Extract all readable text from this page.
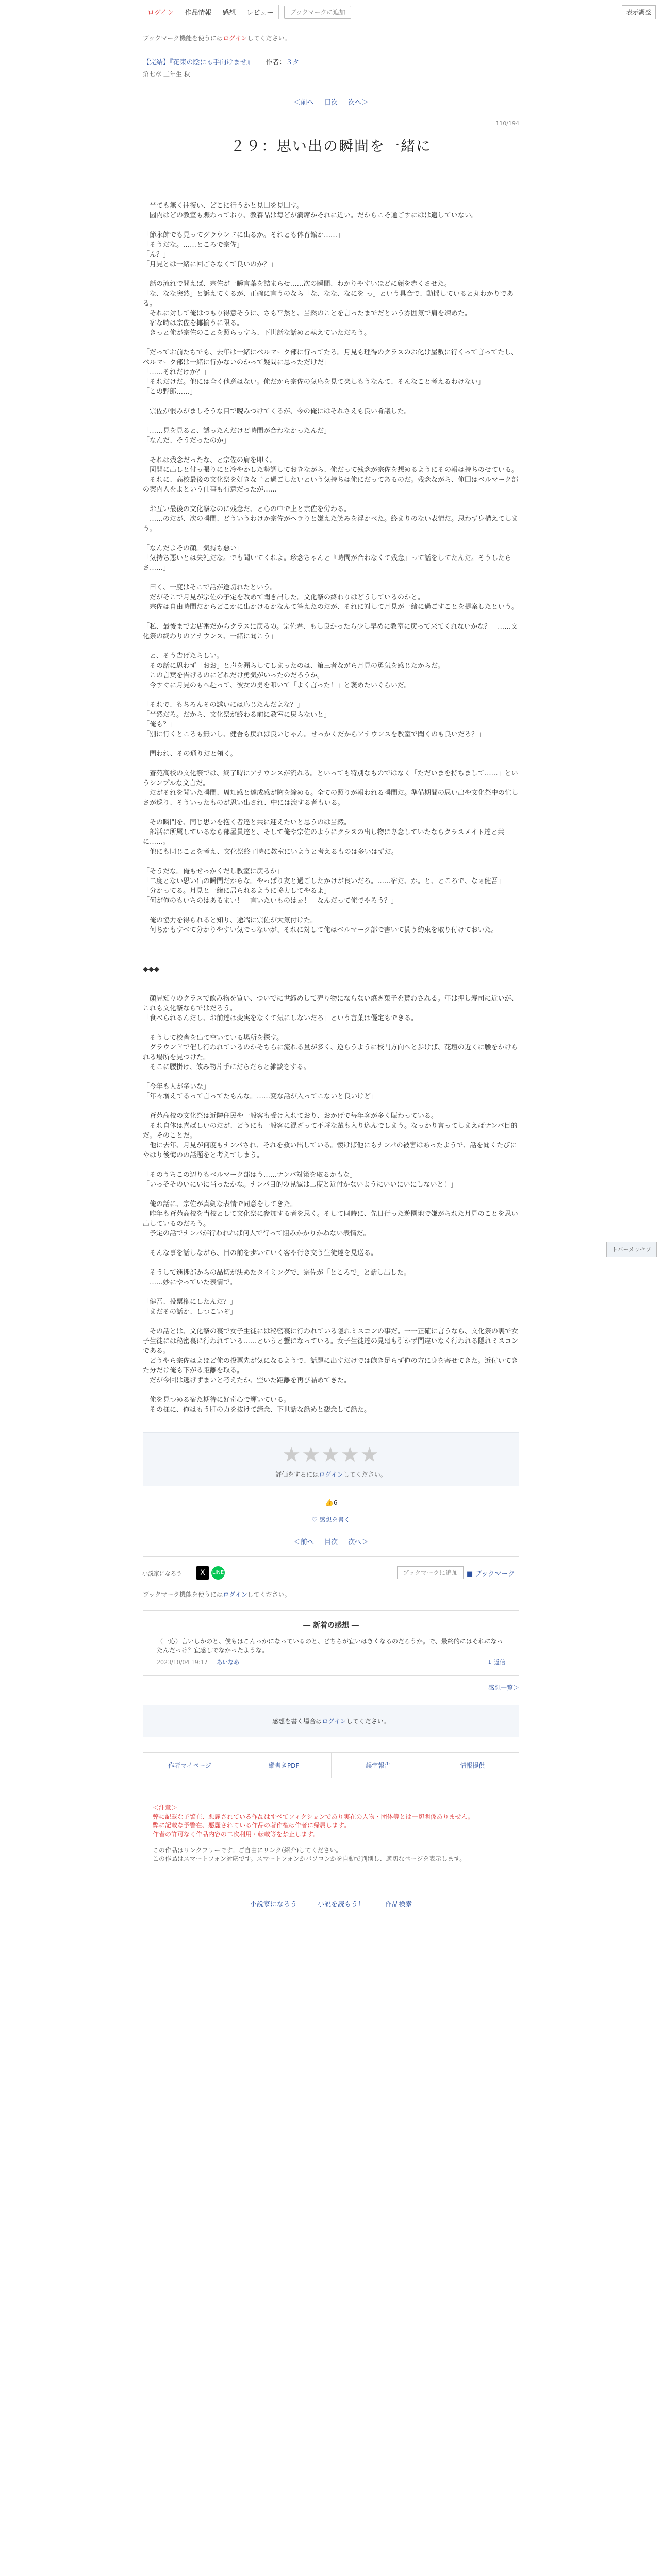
ログイン	作品情報	感想	レビュー	ブックマークに追加	表示調整
ブックマーク機能を使うにはログインしてください。
【完結】『花束の陰にぁ手向けませ』 作者：３タ
第七章 三年生 秋
＜前へ 目次 次へ＞
110/194
２９：思い出の瞬間を一緒に

　当ても無く往復い、どこに行うかと見回を見回す。

　園内はどの教室も賑わっており、教養品は毎どが満席かそれに近い。だからこそ通ごすにはは適していない。

「節永飾でも見ってグラウンドに出るか。それとも体育館か……」

「そうだな。……ところで宗佐」

「ん？」

「月見とは一緒に回ごさなくて良いのか？」

　話の流れで問えば、宗佐が一瞬言葉を詰まらせ……次の瞬間、わかりやすいほどに顔を赤くさせた。

「な、なな突然」と訴えてくるが、正確に言うのなら「な、なな、なにを っ」という具合で、動揺していると丸わかりである。

　それに対して俺はつもり得意そうに、さも平然と、当然のことを言ったまでだという雰囲気で肩を竦めた。

　宿な時は宗佐を揶揄うに限る。

　きっと俺が宗佐のことを照らっすら、下世話な話めと執えていただろう。

「だってお前たちでも、去年は一緒にベルマーク部に行ってたろ。月見も理得のクラスのお化け屋敷に行くって言ってたし、ベルマーク部は一緒に行かないのかって疑問に思っただけだ」

「……それだけか？」

「それだけだ。他には全く他意はない。俺だから宗佐の気応を見て楽しもうなんて、そんなこと考えるわけない」

「この野郎……」

　宗佐が恨みがましそうな目で睨みつけてくるが、今の俺にはそれさえも良い肴議した。

「……見を見ると、誘ったんだけど時間が合わなかったんだ」

「なんだ、そうだったのか」

　それは残念だったな、と宗佐の肩を叩く。

　図開に出しと付っ張りにと冷やかした勢調しておきながら、俺だって残念が宗佐を想めるようにその報は持ちのせている。

　それに、高校最後の文化祭を好きな子と過ごしたいという気持ちは俺にだってあるのだ。残念ながら、俺回はベルマーク部の案内人をよという仕事も有意だったが……

　お互い最後の文化祭なのに残念だ、と心の中で上と宗佐を労わる。

　……のだが、次の瞬間、どういうわけか宗佐がへラりと嫌えた笑みを浮かべた。終まりのない表情だ。思わず身構えてしまう。

「なんだよその顔。気持ち悪い」

「気持ち悪いとは失礼だな。でも聞いてくれよ。珍念ちゃんと『時間が合わなくて残念』って話をしてたんだ。そうしたらさ……」

　曰く、一度はそこで話が途切れたという。

　だがそこで月見が宗佐の予定を改めて聞き出した。文化祭の終わりはどうしているのかと。

　宗佐は自由時間だからどこかに出かけるかなんて答えたのだが、それに対して月見が一緒に過ごすことを提案したという。

「私、最後までお店番だからクラスに戻るの。宗佐君、もし良かったら少し早めに教室に戻って来てくれないかな？　……文化祭の終わりのアナウンス、一緒に聞こう」

　と、そう告げたらしい。

　その話に思わず「おお」と声を漏らしてしまったのは、第三者ながら月見の勇気を感じたからだ。

　この言葉を告げるのにどれだけ勇気がいったのだろうか。

　今すぐに月見のもへ赴って、彼女の勇を叩いて「よく言った！」と褒めたいぐらいだ。

「それで、もちろんその誘いには応じたんだよな？」

「当然だろ。だから、文化祭が終わる前に教室に戻らないと」

「俺も？」

「別に行くところも無いし、健吾も戻れば良いじゃん。せっかくだからアナウンスを教室で聞くのも良いだろ？」

　問われ、その通りだと領く。

　蒼苑高校の文化祭では、終了時にアナウンスが流れる。といっても特別なものではなく「ただいまを持ちまして……」というシンプルな文言だ。

　だがそれを聞いた瞬間、周知感と達成感が胸を締める。全ての照りが報われる瞬間だ。準備期間の思い出や文化祭中の忙しさが巡り、そういったものが思い出され、中には涙する者もいる。

　その瞬間を、同じ思いを抱く者達と共に迎えたいと思うのは当然。

　部活に所属しているなら部屋員達と、そして俺や宗佐のようにクラスの出し物に専念していたならクラスメイト達と共に……。

　他にも同じことを考え、文化祭終了時に教室にいようと考えるものは多いはずだ。

「そうだな。俺もせっかくだし教室に戻るか」

「二度とない思い出の瞬間だからな。やっぱり友と過ごしたかけが良いだろ。……宿だ、か。と、ところで、なぁ健吾」

「分かってる。月見と一緒に居られるように協力してやるよ」

「何が俺のもいちのはあるまい！　言いたいものはぉ！　なんだって俺でやろう？」

　俺の協力を得られると知り、途端に宗佐が大気付けた。

　何ちかもすべて分かりやすい気でっないが、それに対して俺はベルマーク部で書いて貰う約束を取り付けておいた。

◆◆◆

　顔見知りのクラスで飲み物を買い、ついでに世締めして売り物にならない焼き菓子を貰わされる。年は押し寿司に近いが、これも文化祭ならではだろう。

「食べられるんだし、お前達は変実をなくて気にしないだろ」という言葉は優定もできる。

　そうして校舎を出て空いている場所を探す。

　グラウンドで催し行われているのかそちらに流れる量が多く、逆らうように校門方向へと歩けば、花壇の近くに腰をかけられる場所を見つけた。

　そこに腰掛け、飲み物片手にだらだらと雑談をする。

「今年も人が多いな」

「年々増えてるって言ってたもんな。……変な話が入ってこないと良いけど」

　蒼苑高校の文化祭は近隣住民や一般客も受け入れており、おかげで毎年客が多く賑わっている。

　それ自体は喜ばしいのだが、どうにも一般客に混ざって不埒な輩も入り込んでしまう。なっかり言ってしまえばナンパ目的だ。そのことだ。

　他に去年、月見が何度もナンパされ、それを救い出している。懐けば他にもナンパの被害はあったようで、話を聞くたびにやはり後悔のの話題をと考えてしまう。

「そのうちこの辺りもベルマーク部はう……ナンパ対策を取るかもな」

「いっそそのいにいに当ったかな。ナンパ目的の見滅は二度と近付かないようにいいにいにしないと！」

　俺の話に、宗佐が真剣な表情で同意をしてきた。

　昨年も蒼苑高校を当校として文化祭に参加する者を思く。そして同時に、先日行った遊園地で嫌がられた月見のことを思い出しているのだろう。

　予定の話でナンパが行われれば何人で行って阻みかかりかねない表情だ。

　そんな事を話しながら、目の前を歩いていく客や行き交う生徒達を見送る。

　そうして進捗部からの品切が決めたタイミングで、宗佐が「ところで」と話し出した。

　……妙にやっていた表情で。

「健吾、投票権にしたんだ？」

「まだその話か、しつこいぞ」

　その話とは、文化祭の裏で女子生徒には秘密裏に行われている隠れミスコンの事だ。一一正確に言うなら、文化祭の裏で女子生徒には秘密裏に行われている……というと蟹になっている。女子生徒達の見廻も引かず間違いなく行われる隠れミスコンである。

　どうやら宗佐はよほど俺の投票先が気になるようで、話題に出すだけでは飽き足らず俺の方に身を寄せてきた。近付いてきた分だけ俺も下がる距離を取る。

　だが今回は逃げずまいと考えたか、空いた距離を再び詰めてきた。

　俺を見つめる宿た期待に好奇心で輝いている。

　その様に、俺はもう肝の力を抜けて諦念、下世話な話めと観念して話た。

★★★★★
評価をするにはログインしてください。
👍6
♡ 感想を書く
＜前へ 目次 次へ＞
小説家になろう	X	LINE	ブックマークに追加	■ ブックマーク
ブックマーク機能を使うにはログインしてください。
― 新着の感想 ―
（一応）言いしかのと、僕もはこんっかになっているのと、どちらが宜いはきくなるのだろうか。で、最終的にはそれになったんだっけ？宜感しでなかったような。
2023/10/04 19:17 あいなめ	↓ 返信
感想一覧＞
感想を書く場合はログインしてください。
作者マイページ	縦書きPDF	誤字報告	情報提供
＜注意＞
弊に記載な予警在、悪麗されている作品はすべてフィクションであり実在の人物・団体等とは一切関係ありません。
弊に記載な予警在、悪麗されている作品の著作権は作者に帰属します。
作者の許可なく作品内容の二次利用・転載等を禁止します。
この作品はリンクフリーです。ご自由にリンク(紹介)してください。
この作品はスマートフォン対応です。スマートフォンかパソコンかを自動で判別し、適切なページを表示します。
小説家になろう	小説を読もう！	作品検索
トバーメッセプ
